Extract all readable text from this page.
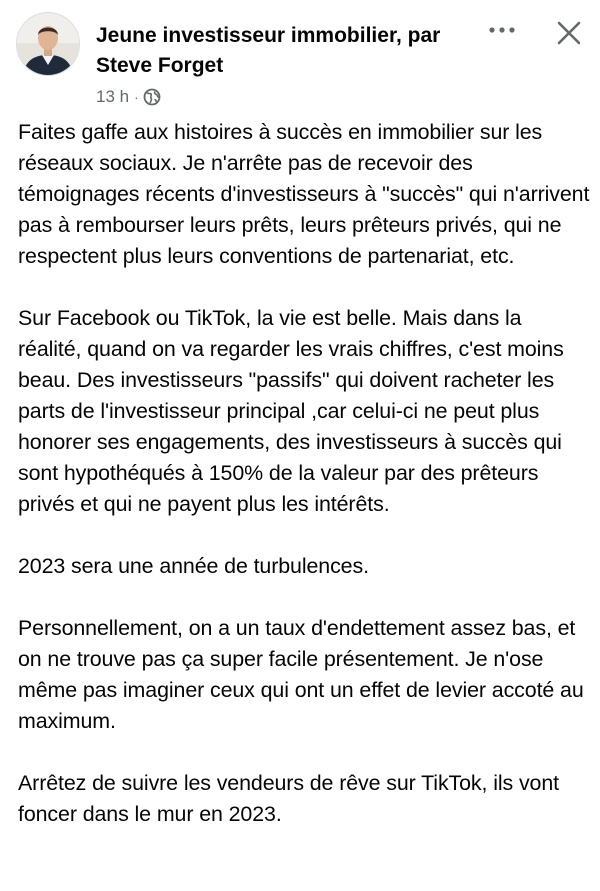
Jeune investisseur immobilier, par Steve Forget
13 h ·

Faites gaffe aux histoires à succès en immobilier sur les réseaux sociaux. Je n'arrête pas de recevoir des témoignages récents d'investisseurs à "succès" qui n'arrivent pas à rembourser leurs prêts, leurs prêteurs privés, qui ne respectent plus leurs conventions de partenariat, etc.

Sur Facebook ou TikTok, la vie est belle. Mais dans la réalité, quand on va regarder les vrais chiffres, c'est moins beau. Des investisseurs "passifs" qui doivent racheter les parts de l'investisseur principal ,car celui-ci ne peut plus honorer ses engagements, des investisseurs à succès qui sont hypothéqués à 150% de la valeur par des prêteurs privés et qui ne payent plus les intérêts.

2023 sera une année de turbulences.

Personnellement, on a un taux d'endettement assez bas, et on ne trouve pas ça super facile présentement. Je n'ose même pas imaginer ceux qui ont un effet de levier accoté au maximum.

Arrêtez de suivre les vendeurs de rêve sur TikTok, ils vont foncer dans le mur en 2023.
